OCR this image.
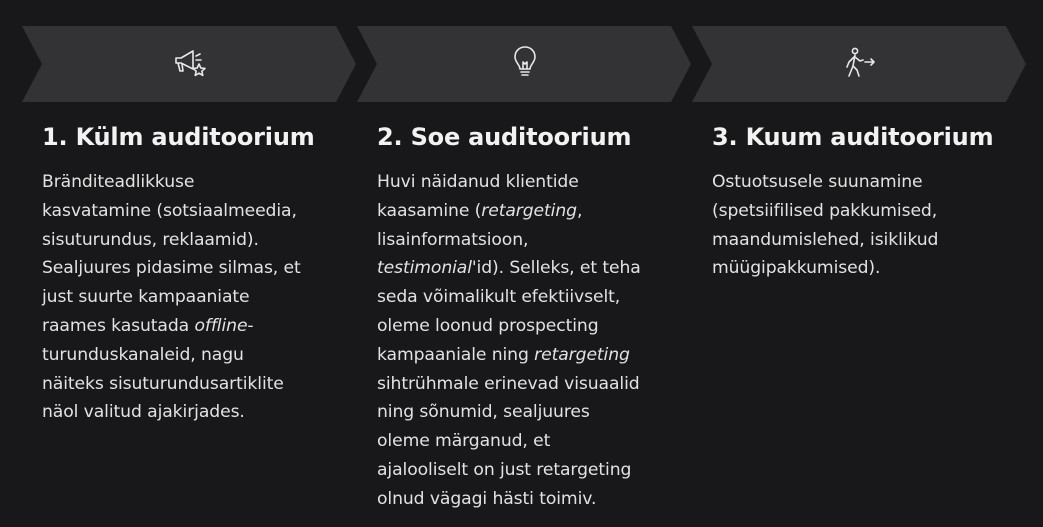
1. Külm auditoorium

Bränditeadlikkuse
kasvatamine (sotsiaalmeedia,
sisuturundus, reklaamid).
Sealjuures pidasime silmas, et
just suurte kampaaniate
raames kasutada offline-
turunduskanaleid, nagu
näiteks sisuturundusartiklite
näol valitud ajakirjades.

2. Soe auditoorium

Huvi näidanud klientide
kaasamine (retargeting,
lisainformatsioon,
testimonial'id). Selleks, et teha
seda võimalikult efektiivselt,
oleme loonud prospecting
kampaaniale ning retargeting
sihtrühmale erinevad visuaalid
ning sõnumid, sealjuures
oleme märganud, et
ajalooliselt on just retargeting
olnud vägagi hästi toimiv.

3. Kuum auditoorium

Ostuotsusele suunamine
(spetsiifilised pakkumised,
maandumislehed, isiklikud
müügipakkumised).
